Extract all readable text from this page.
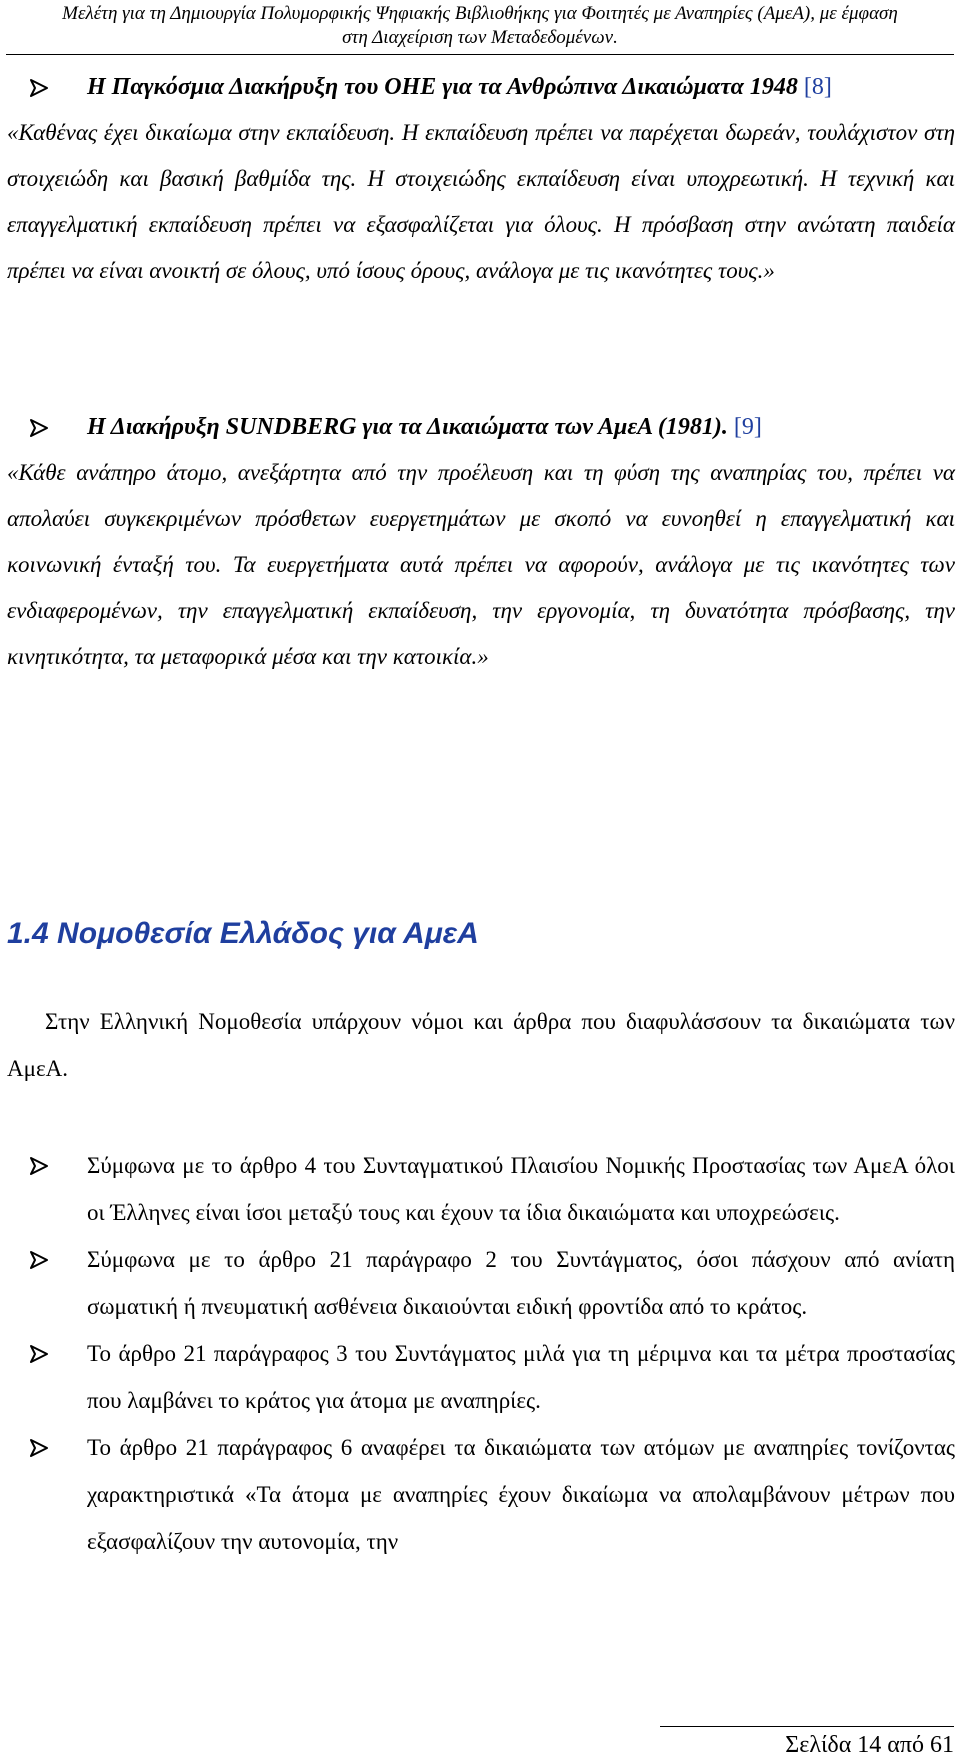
Μελέτη για τη Δημιουργία Πολυμορφικής Ψηφιακής Βιβλιοθήκης για Φοιτητές με Αναπηρίες (ΑμεΑ), με έμφαση
στη Διαχείριση των Μεταδεδομένων.
Η Παγκόσμια Διακήρυξη του ΟΗΕ για τα Ανθρώπινα Δικαιώματα 1948 [8]

«Καθένας έχει δικαίωμα στην εκπαίδευση. Η εκπαίδευση πρέπει να παρέχεται δωρεάν, τουλάχιστον στη στοιχειώδη και βασική βαθμίδα της. Η στοιχειώδης εκπαίδευση είναι υποχρεωτική. Η τεχνική και επαγγελματική εκπαίδευση πρέπει να εξασφαλίζεται για όλους. Η πρόσβαση στην ανώτατη παιδεία πρέπει να είναι ανοικτή σε όλους, υπό ίσους όρους, ανάλογα με τις ικανότητες τους.»

Η Διακήρυξη SUNDBERG για τα Δικαιώματα των ΑμεΑ (1981). [9]

«Κάθε ανάπηρο άτομο, ανεξάρτητα από την προέλευση και τη φύση της αναπηρίας του, πρέπει να απολαύει συγκεκριμένων πρόσθετων ευεργετημάτων με σκοπό να ευνοηθεί η επαγγελματική και κοινωνική ένταξή του. Τα ευεργετήματα αυτά πρέπει να αφορούν, ανάλογα με τις ικανότητες των ενδιαφερομένων, την επαγγελματική εκπαίδευση, την εργονομία, τη δυνατότητα πρόσβασης, την κινητικότητα, τα μεταφορικά μέσα και την κατοικία.»

1.4 Νομοθεσία Ελλάδος για ΑμεΑ

Στην Ελληνική Νομοθεσία υπάρχουν νόμοι και άρθρα που διαφυλάσσουν τα δικαιώματα των ΑμεΑ.

Σύμφωνα με το άρθρο 4 του Συνταγματικού Πλαισίου Νομικής Προστασίας των ΑμεΑ όλοι οι Έλληνες είναι ίσοι μεταξύ τους και έχουν τα ίδια δικαιώματα και υποχρεώσεις.

Σύμφωνα με το άρθρο 21 παράγραφο 2 του Συντάγματος, όσοι πάσχουν από ανίατη σωματική ή πνευματική ασθένεια δικαιούνται ειδική φροντίδα από το κράτος.

Το άρθρο 21 παράγραφος 3 του Συντάγματος μιλά για τη μέριμνα και τα μέτρα προστασίας που λαμβάνει το κράτος για άτομα με αναπηρίες.

Το άρθρο 21 παράγραφος 6 αναφέρει τα δικαιώματα των ατόμων με αναπηρίες τονίζοντας χαρακτηριστικά «Τα άτομα με αναπηρίες έχουν δικαίωμα να απολαμβάνουν μέτρων που εξασφαλίζουν την αυτονομία, την

Σελίδα 14 από 61
